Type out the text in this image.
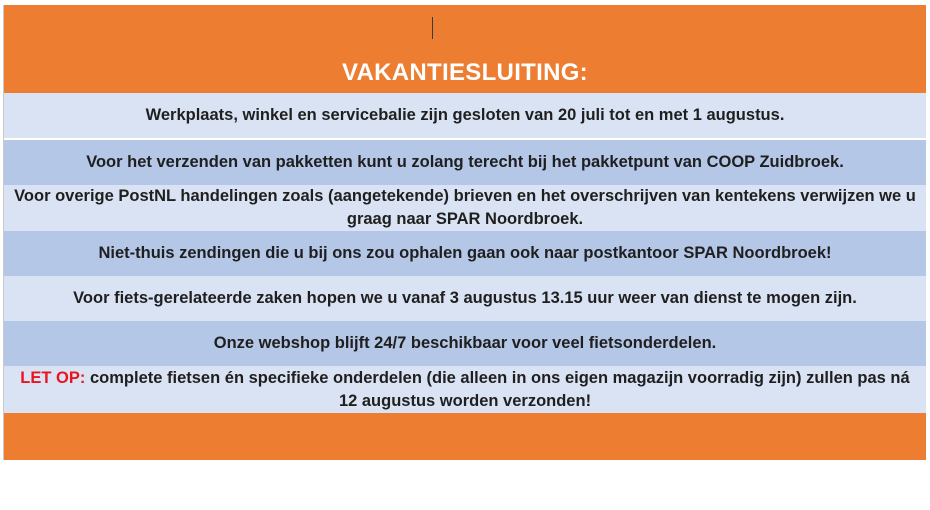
VAKANTIESLUITING:
Werkplaats, winkel en servicebalie zijn gesloten van 20 juli tot en met 1 augustus.
Voor het verzenden van pakketten kunt u zolang terecht bij het pakketpunt van COOP Zuidbroek.
Voor overige PostNL handelingen zoals (aangetekende) brieven en het overschrijven van kentekens verwijzen we u graag naar SPAR Noordbroek.
Niet-thuis zendingen die u bij ons zou ophalen gaan ook naar postkantoor SPAR Noordbroek!
Voor fiets-gerelateerde zaken hopen we u vanaf 3 augustus 13.15 uur weer van dienst te mogen zijn.
Onze webshop blijft 24/7 beschikbaar voor veel fietsonderdelen.
LET OP: complete fietsen én specifieke onderdelen (die alleen in ons eigen magazijn voorradig zijn) zullen pas ná 12 augustus worden verzonden!
